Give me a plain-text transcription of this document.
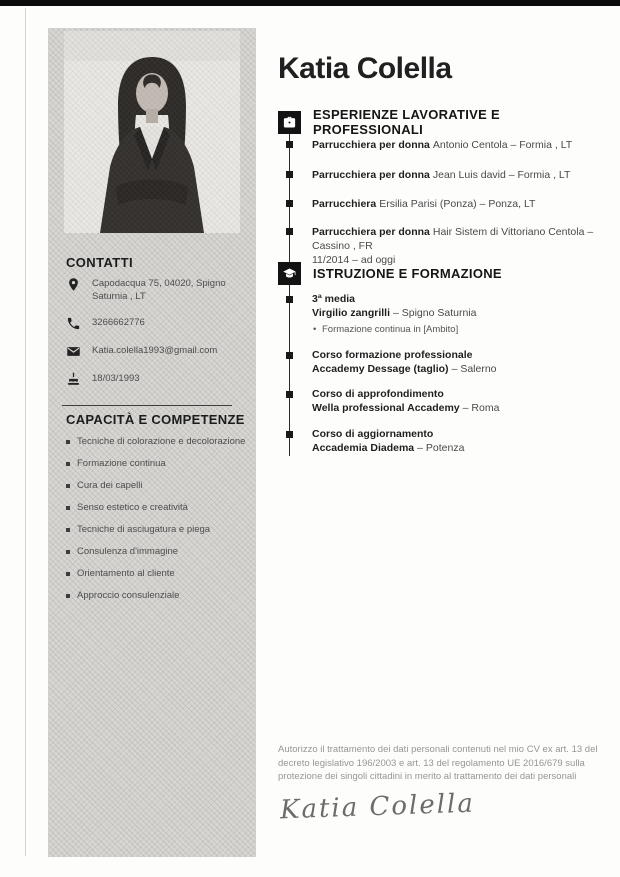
CONTATTI
Capodacqua 75, 04020, Spigno Saturnia , LT
3266662776
Katia.colella1993@gmail.com
18/03/1993
CAPACITÀ E COMPETENZE
Tecniche di colorazione e decolorazione
Formazione continua
Cura dei capelli
Senso estetico e creatività
Tecniche di asciugatura e piega
Consulenza d'immagine
Orientamento al cliente
Approccio consulenziale
Katia Colella
ESPERIENZE LAVORATIVE E PROFESSIONALI
Parrucchiera per donna Antonio Centola – Formia , LT
Parrucchiera per donna Jean Luis david – Formia , LT
Parrucchiera Ersilia Parisi (Ponza) – Ponza, LT
Parrucchiera per donna Hair Sistem di Vittoriano Centola – Cassino , FR
11/2014 – ad oggi
ISTRUZIONE E FORMAZIONE
3ª media
Virgilio zangrilli – Spigno Saturnia
• Formazione continua in [Ambito]
Corso formazione professionale
Accademy Dessage (taglio) – Salerno
Corso di approfondimento
Wella professional Accademy – Roma
Corso di aggiornamento
Accademia Diadema – Potenza

Autorizzo il trattamento dei dati personali contenuti nel mio CV ex art. 13 del decreto legislativo 196/2003 e art. 13 del regolamento UE 2016/679 sulla protezione dei singoli cittadini in merito al trattamento dei dati personali

Katia Colella
